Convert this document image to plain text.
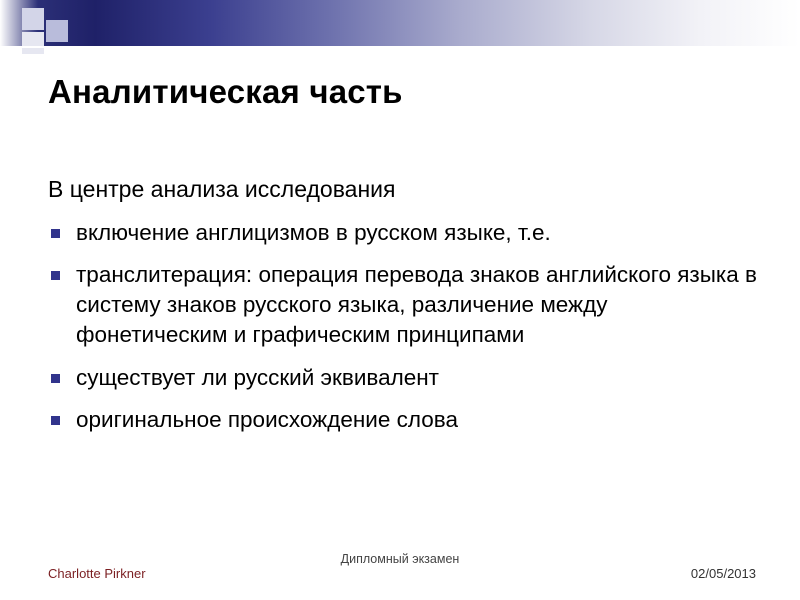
Аналитическая часть

В центре анализа исследования

включение англицизмов в русском языке, т.е.
транслитерация: операция перевода знаков английского языка в систему знаков русского языка, различение между фонетическим и графическим принципами
существует ли русский эквивалент
оригинальное происхождение слова
Дипломный экзамен
Charlotte Pirkner	02/05/2013
